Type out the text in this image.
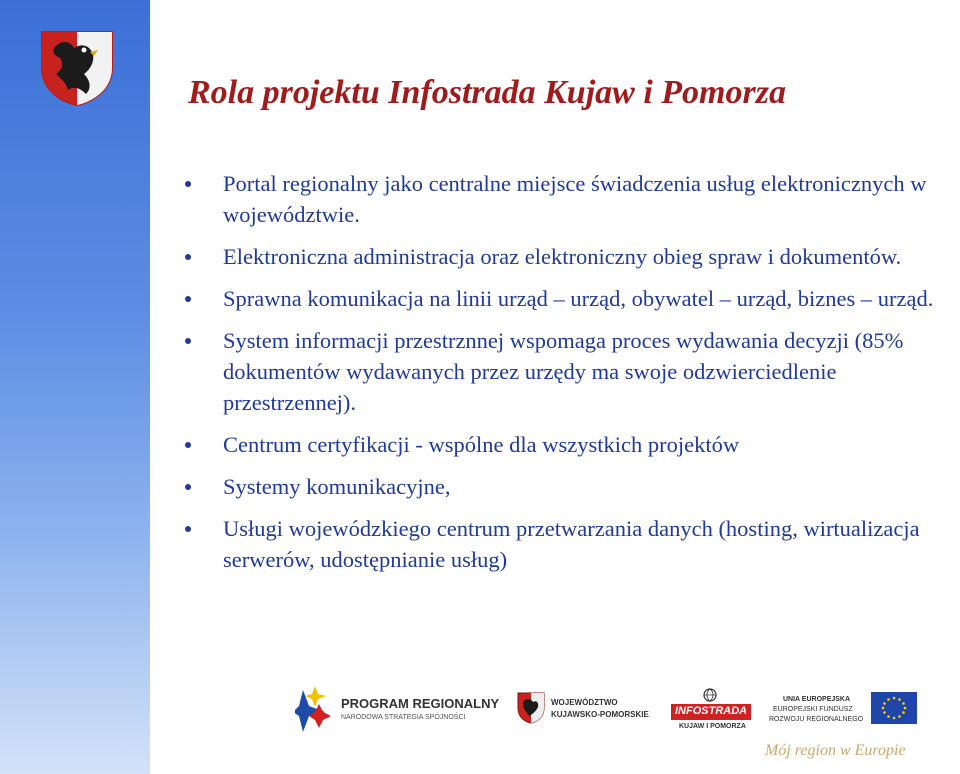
Rola projektu Infostrada Kujaw i Pomorza
Portal regionalny jako centralne miejsce świadczenia usług elektronicznych w województwie.
Elektroniczna administracja oraz elektroniczny obieg spraw i dokumentów.
Sprawna komunikacja na linii urząd – urząd, obywatel – urząd, biznes – urząd.
System informacji przestrznnej wspomaga proces wydawania decyzji (85% dokumentów wydawanych przez urzędy ma swoje odzwierciedlenie przestrzennej).
Centrum certyfikacji - wspólne dla wszystkich projektów
Systemy komunikacyjne,
Usługi wojewódzkiego centrum przetwarzania danych (hosting, wirtualizacja serwerów, udostępnianie usług)
PROGRAM REGIONALNY
NARODOWA STRATEGIA SPÓJNOŚCI
WOJEWÓDZTWO
KUJAWSKO-POMORSKIE INFOSTRADA
KUJAW I POMORZA
UNIA EUROPEJSKA
EUROPEJSKI FUNDUSZ
ROZWOJU REGIONALNEGO
Mój region w Europie
